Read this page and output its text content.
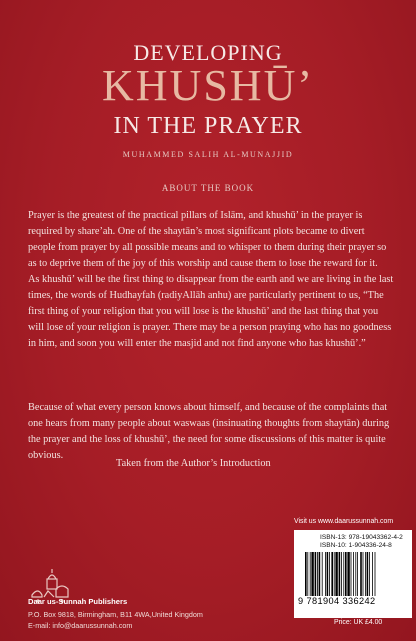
DEVELOPING
KHUSHŪ’
IN THE PRAYER
MUHAMMED SALIH AL-MUNAJJID
ABOUT THE BOOK

Prayer is the greatest of the practical pillars of Islām, and khushū’ in the prayer is required by share’ah. One of the shaytān’s most significant plots became to divert people from prayer by all possible means and to whisper to them during their prayer so as to deprive them of the joy of this worship and cause them to lose the reward for it.

As khushū’ will be the first thing to disappear from the earth and we are living in the last times, the words of Hudhayfah (radiyAllāh anhu) are particularly pertinent to us, “The first thing of your religion that you will lose is the khushū’ and the last thing that you will lose of your religion is prayer. There may be a person praying who has no goodness in him, and soon you will enter the masjid and not find anyone who has khushū’.”

Because of what every person knows about himself, and because of the complaints that one hears from many people about waswaas (insinuating thoughts from shaytān) during the prayer and the loss of khushū’, the need for some discussions of this matter is quite obvious.

Taken from the Author’s Introduction
Daar us-Sunnah Publishers
P.O. Box 9818, Birmingham, B11 4WA,United Kingdom
E-mail: info@daarussunnah.com
Visit us www.daarussunnah.com
ISBN-13: 978-19043362-4-2
ISBN-10: 1-904336-24-8
9 781904 336242
Price: UK £4.00
